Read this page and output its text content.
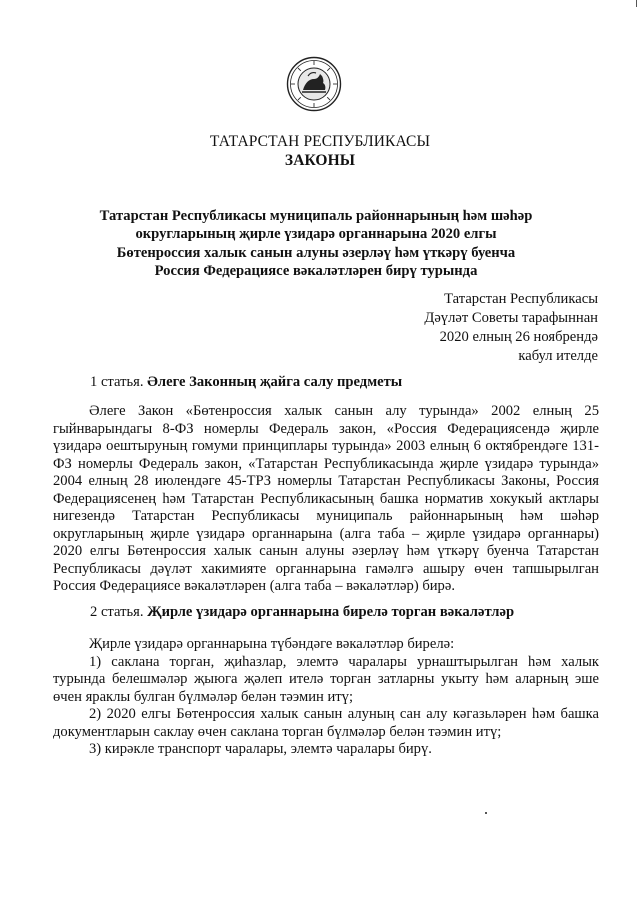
ТАТАРСТАН РЕСПУБЛИКАСЫ
ЗАКОНЫ
Татарстан Республикасы муниципаль районнарының һәм шәһәр округларының җирле үзидарә органнарына 2020 елгы Бөтенроссия халык санын алуны әзерләү һәм үткәрү буенча Россия Федерациясе вәкаләтләрен бирү турында
Татарстан Республикасы
Дәүләт Советы тарафыннан
2020 елның 26 ноябрендә
кабул ителде
1 статья. Әлеге Законның җайга салу предметы
Әлеге Закон «Бөтенроссия халык санын алу турында» 2002 елның 25 гыйнварындагы 8-ФЗ номерлы Федераль закон, «Россия Федерациясендә җирле үзидарә оештыруның гомуми принциплары турында» 2003 елның 6 октябрендәге 131-ФЗ номерлы Федераль закон, «Татарстан Республикасында җирле үзидарә турында» 2004 елның 28 июлендәге 45-ТРЗ номерлы Татарстан Республикасы Законы, Россия Федерациясенең һәм Татарстан Республикасының башка норматив хокукый актлары нигезендә Татарстан Республикасы муниципаль районнарының һәм шәһәр округларының җирле үзидарә органнарына (алга таба – җирле үзидарә органнары) 2020 елгы Бөтенроссия халык санын алуны әзерләү һәм үткәрү буенча Татарстан Республикасы дәүләт хакимияте органнарына гамәлгә ашыру өчен тапшырылган Россия Федерациясе вәкаләтләрен (алга таба – вәкаләтләр) бирә.
2 статья. Җирле үзидарә органнарына бирелә торган вәкаләтләр
Җирле үзидарә органнарына түбәндәге вәкаләтләр бирелә:
1) саклана торган, җиһазлар, элемтә чаралары урнаштырылган һәм халык турында белешмәләр җыюга җәлеп ителә торган затларны укыту һәм аларның эше өчен яраклы булган бүлмәләр белән тәэмин итү;
2) 2020 елгы Бөтенроссия халык санын алуның сан алу кәгазьләрен һәм башка документларын саклау өчен саклана торган бүлмәләр белән тәэмин итү;
3) кирәкле транспорт чаралары, элемтә чаралары бирү.
